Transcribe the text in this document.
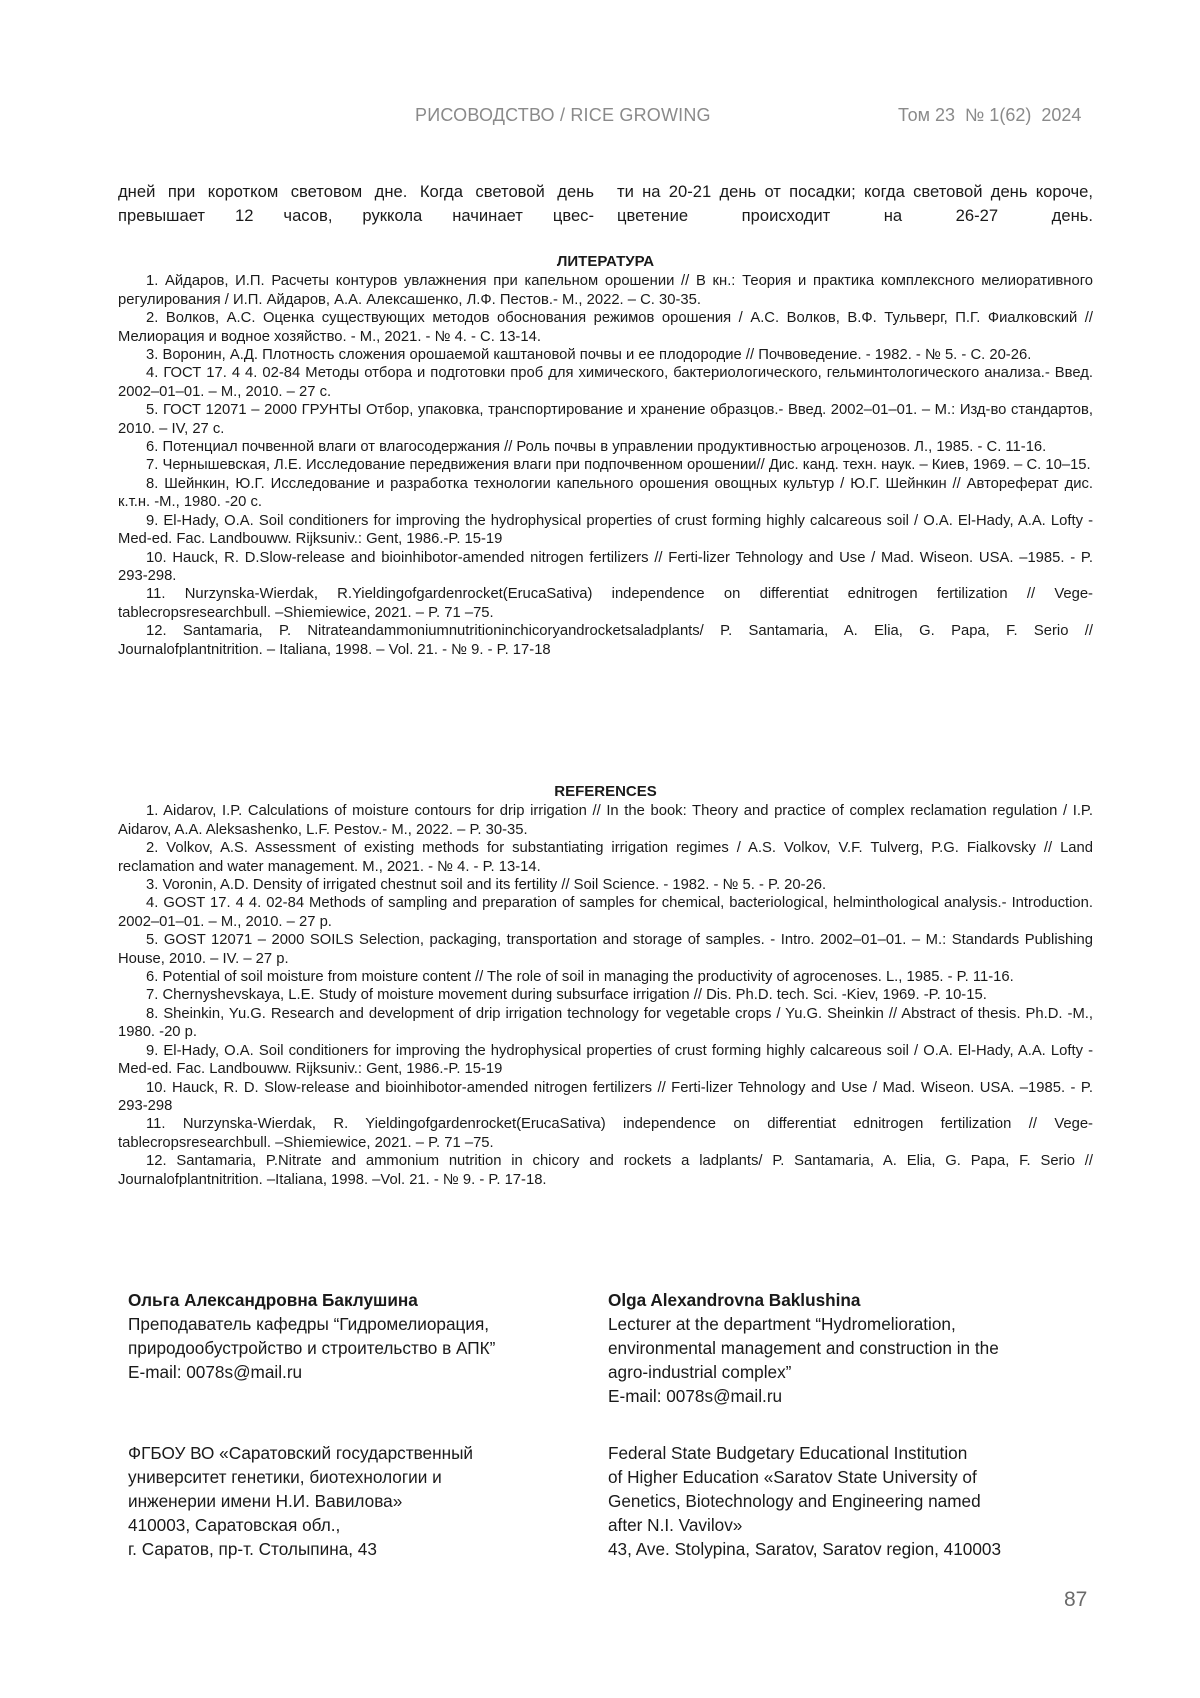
РИСОВОДСТВО / RICE GROWING	Том 23  № 1(62)  2024
дней при коротком световом дне. Когда световой день превышает 12 часов, руккола начинает цвес-
ти на 20-21 день от посадки; когда световой день короче, цветение происходит на 26-27 день.
ЛИТЕРАТУРА

1. Айдаров, И.П. Расчеты контуров увлажнения при капельном орошении // В кн.: Теория и практика комплексного мелиоративного регулирования / И.П. Айдаров, А.А. Алексашенко, Л.Ф. Пестов.- М., 2022. – С. 30-35.

2. Волков, А.С. Оценка существующих методов обоснования режимов орошения / А.С. Волков, В.Ф. Тульверг, П.Г. Фиалковский // Мелиорация и водное хозяйство. - М., 2021. - № 4. - С. 13-14.

3. Воронин, А.Д. Плотность сложения орошаемой каштановой почвы и ее плодородие // Почвоведение. - 1982. - № 5. - С. 20-26.

4. ГОСТ 17. 4 4. 02-84 Методы отбора и подготовки проб для химического, бактериологического, гельминтологического анализа.- Введ. 2002–01–01. – М., 2010. – 27 с.

5. ГОСТ 12071 – 2000 ГРУНТЫ Отбор, упаковка, транспортирование и хранение образцов.- Введ. 2002–01–01. – М.: Изд-во стандартов, 2010. – IV, 27 с.

6. Потенциал почвенной влаги от влагосодержания // Роль почвы в управлении продуктивностью агроценозов. Л., 1985. - С. 11-16.

7. Чернышевская, Л.Е. Исследование передвижения влаги при подпочвенном орошении// Дис. канд. техн. наук. – Киев, 1969. – С. 10–15.

8. Шейнкин, Ю.Г. Исследование и разработка технологии капельного орошения овощных культур / Ю.Г. Шейнкин // Автореферат дис. к.т.н. -М., 1980. -20 с.

9. El-Hady, O.A. Soil conditioners for improving the hydrophysical properties of crust forming highly calcareous soil / O.A. El-Hady, A.A. Lofty -Med-ed. Fac. Landbouww. Rijksuniv.: Gent, 1986.-P. 15-19

10. Hauck, R. D.Slow-release and bioinhibotor-amended nitrogen fertilizers // Ferti-lizer Tehnology and Use / Mad. Wiseon. USA. –1985. - P. 293-298.

11. Nurzynska-Wierdak, R.Yieldingofgardenrocket(ErucaSativa) independence on differentiat ednitrogen fertilization // Vege-tablecropsresearchbull. –Shiemiewice, 2021. – P. 71 –75.

12. Santamaria, P. Nitrateandammoniumnutritioninchicoryandrocketsaladplants/ P. Santamaria, A. Elia, G. Papa, F. Serio // Journalofplantnitrition. – Italiana, 1998. – Vol. 21. - № 9. - P. 17-18

REFERENCES

1. Aidarov, I.P. Calculations of moisture contours for drip irrigation // In the book: Theory and practice of complex reclamation regulation / I.P. Aidarov, A.A. Aleksashenko, L.F. Pestov.- M., 2022. – P. 30-35.

2. Volkov, A.S. Assessment of existing methods for substantiating irrigation regimes / A.S. Volkov, V.F. Tulverg, P.G. Fialkovsky // Land reclamation and water management. M., 2021. - № 4. - P. 13-14.

3. Voronin, A.D. Density of irrigated chestnut soil and its fertility // Soil Science. - 1982. - № 5. - P. 20-26.

4. GOST 17. 4 4. 02-84 Methods of sampling and preparation of samples for chemical, bacteriological, helminthological analysis.- Introduction. 2002–01–01. – M., 2010. – 27 p.

5. GOST 12071 – 2000 SOILS Selection, packaging, transportation and storage of samples. - Intro. 2002–01–01. – M.: Standards Publishing House, 2010. – IV. – 27 p.

6. Potential of soil moisture from moisture content // The role of soil in managing the productivity of agrocenoses. L., 1985. - P. 11-16.

7. Chernyshevskaya, L.E. Study of moisture movement during subsurface irrigation // Dis. Ph.D. tech. Sci. -Kiev, 1969. -P. 10-15.

8. Sheinkin, Yu.G. Research and development of drip irrigation technology for vegetable crops / Yu.G. Sheinkin // Abstract of thesis. Ph.D. -M., 1980. -20 p.

9. El-Hady, O.A. Soil conditioners for improving the hydrophysical properties of crust forming highly calcareous soil / O.A. El-Hady, A.A. Lofty -Med-ed. Fac. Landbouww. Rijksuniv.: Gent, 1986.-P. 15-19

10. Hauck, R. D. Slow-release and bioinhibotor-amended nitrogen fertilizers // Ferti-lizer Tehnology and Use / Mad. Wiseon. USA. –1985. - P. 293-298

11. Nurzynska-Wierdak, R. Yieldingofgardenrocket(ErucaSativa) independence on differentiat ednitrogen fertilization // Vege-tablecropsresearchbull. –Shiemiewice, 2021. – P. 71 –75.

12. Santamaria, P.Nitrate and ammonium nutrition in chicory and rockets a ladplants/ P. Santamaria, A. Elia, G. Papa, F. Serio // Journalofplantnitrition. –Italiana, 1998. –Vol. 21. - № 9. - P. 17-18.

Ольга Александровна Баклушина
Преподаватель кафедры “Гидромелиорация,
природообустройство и строительство в АПК”
E-mail: 0078s@mail.ru
ФГБОУ ВО «Саратовский государственный
университет генетики, биотехнологии и
инженерии имени Н.И. Вавилова»
410003, Саратовская обл.,
г. Саратов, пр-т. Столыпина, 43
Olga Alexandrovna Baklushina
Lecturer at the department “Hydromelioration,
environmental management and construction in the
agro-industrial complex”
E-mail: 0078s@mail.ru
Federal State Budgetary Educational Institution
of Higher Education «Saratov State University of
Genetics, Biotechnology and Engineering named
after N.I. Vavilov»
43, Ave. Stolypina, Saratov, Saratov region, 410003
87
